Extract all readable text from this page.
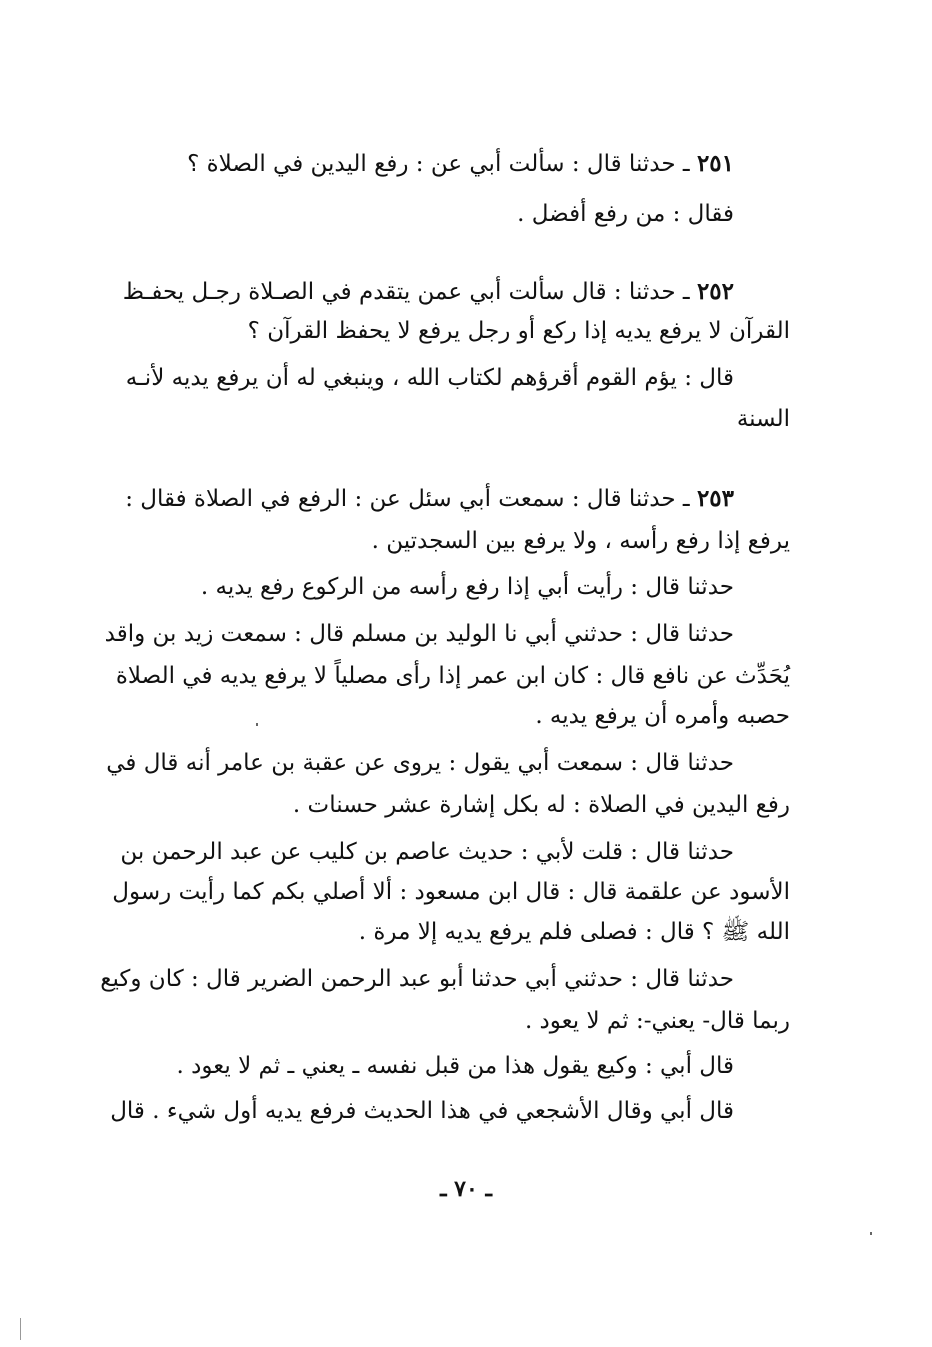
٢٥١ ـ حدثنا قال : سألت أبي عن : رفع اليدين في الصلاة ؟
فقال : من رفع أفضل .
٢٥٢ ـ حدثنا : قال سألت أبي عمن يتقدم في الصـلاة رجـل يحفـظ
القرآن لا يرفع يديه إذا ركع أو رجل يرفع لا يحفظ القرآن ؟
قال : يؤم القوم أقرؤهم لكتاب الله ، وينبغي له أن يرفع يديه لأنـه
السنة
٢٥٣ ـ حدثنا قال : سمعت أبي سئل عن : الرفع في الصلاة فقال :
يرفع إذا رفع رأسه ، ولا يرفع بين السجدتين .
حدثنا قال : رأيت أبي إذا رفع رأسه من الركوع رفع يديه .
حدثنا قال : حدثني أبي نا الوليد بن مسلم قال : سمعت زيد بن واقد
يُحَدِّث عن نافع قال : كان ابن عمر إذا رأى مصلياً لا يرفع يديه في الصلاة
حصبه وأمره أن يرفع يديه .
حدثنا قال : سمعت أبي يقول : يروى عن عقبة بن عامر أنه قال في
رفع اليدين في الصلاة : له بكل إشارة عشر حسنات .
حدثنا قال : قلت لأبي : حديث عاصم بن كليب عن عبد الرحمن بن
الأسود عن علقمة قال : قال ابن مسعود : ألا أصلي بكم كما رأيت رسول
الله ﷺ ؟ قال : فصلى فلم يرفع يديه إلا مرة .
حدثنا قال : حدثني أبي حدثنا أبو عبد الرحمن الضرير قال : كان وكيع
ربما قال- يعني-: ثم لا يعود .
قال أبي : وكيع يقول هذا من قبل نفسه ـ يعني ـ ثم لا يعود .
قال أبي وقال الأشجعي في هذا الحديث فرفع يديه أول شيء . قال
ـ ٧٠ ـ
